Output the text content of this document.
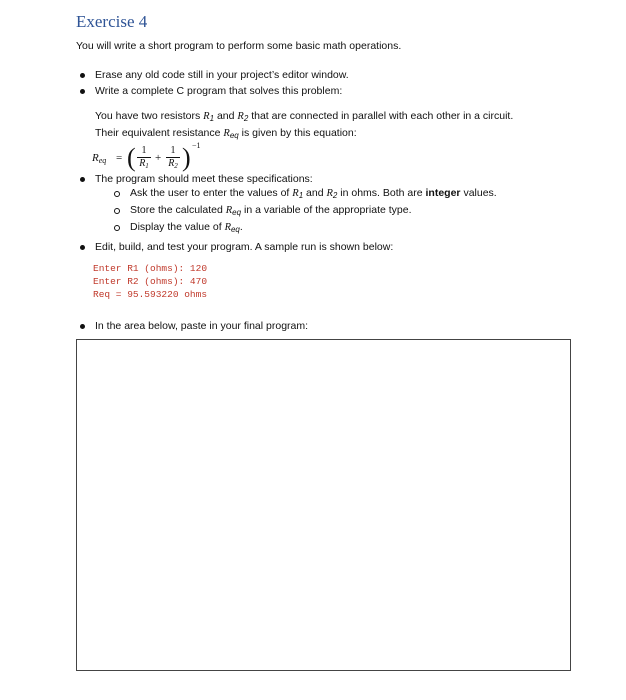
Exercise 4
You will write a short program to perform some basic math operations.
Erase any old code still in your project’s editor window.
Write a complete C program that solves this problem:
You have two resistors $R_1$ and $R_2$ that are connected in parallel with each other in a circuit.
Their equivalent resistance $R_{eq}$ is given by this equation:
$R_{eq}$ = ( $\frac{1}{R_1} + \frac{1}{R_2}$ ) −1
The program should meet these specifications:
Ask the user to enter the values of $R_1$ and $R_2$ in ohms. Both are integer values.
Store the calculated $R_{eq}$ in a variable of the appropriate type.
Display the value of $R_{eq}$.
Edit, build, and test your program. A sample run is shown below:
Enter R1 (ohms): 120
Enter R2 (ohms): 470
Req = 95.593220 ohms
In the area below, paste in your final program:
